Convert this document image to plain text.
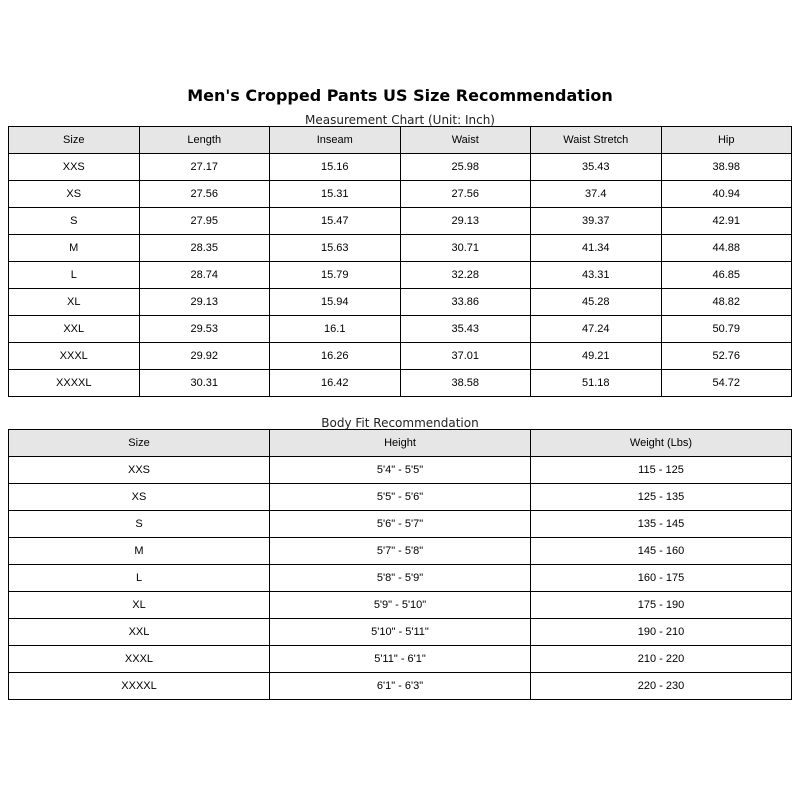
Men's Cropped Pants US Size Recommendation
Measurement Chart (Unit: Inch)
Size	Length	Inseam	Waist	Waist Stretch	Hip
XXS	27.17	15.16	25.98	35.43	38.98
XS	27.56	15.31	27.56	37.4	40.94
S	27.95	15.47	29.13	39.37	42.91
M	28.35	15.63	30.71	41.34	44.88
L	28.74	15.79	32.28	43.31	46.85
XL	29.13	15.94	33.86	45.28	48.82
XXL	29.53	16.1	35.43	47.24	50.79
XXXL	29.92	16.26	37.01	49.21	52.76
XXXXL	30.31	16.42	38.58	51.18	54.72
Body Fit Recommendation
Size	Height	Weight (Lbs)
XXS	5'4" - 5'5"	115 - 125
XS	5'5" - 5'6"	125 - 135
S	5'6" - 5'7"	135 - 145
M	5'7" - 5'8"	145 - 160
L	5'8" - 5'9"	160 - 175
XL	5'9" - 5'10"	175 - 190
XXL	5'10" - 5'11"	190 - 210
XXXL	5'11" - 6'1"	210 - 220
XXXXL	6'1" - 6'3"	220 - 230
